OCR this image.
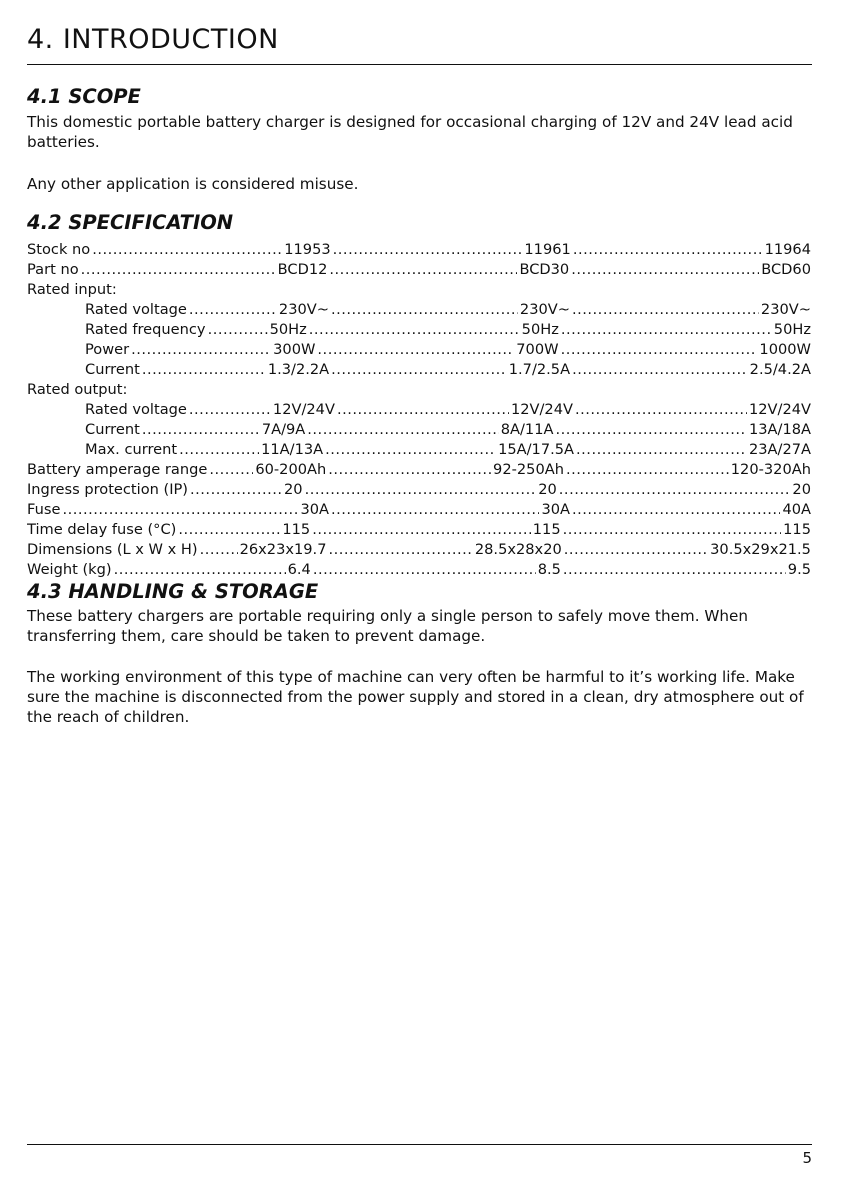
4. INTRODUCTION
4.1 SCOPE

This domestic portable battery charger is designed for occasional charging of 12V and 24V lead acid batteries.

Any other application is considered misuse.

4.2 SPECIFICATION
Stock no .....	11953 .....	11961 .....	11964
Part no .....	BCD12 .....	BCD30 .....	BCD60
Rated input:
Rated voltage .....	230V~ .....	230V~ .....	230V~
Rated frequency .....	50Hz .....	50Hz .....	50Hz
Power .....	300W .....	700W .....	1000W
Current .....	1.3/2.2A .....	1.7/2.5A .....	2.5/4.2A
Rated output:
Rated voltage .....	12V/24V .....	12V/24V .....	12V/24V
Current .....	7A/9A .....	8A/11A .....	13A/18A
Max. current .....	11A/13A .....	15A/17.5A .....	23A/27A
Battery amperage range .....	60-200Ah .....	92-250Ah .....	120-320Ah
Ingress protection (IP) .....	20 .....	20 .....	20
Fuse .....	30A .....	30A .....	40A
Time delay fuse (°C) .....	115 .....	115 .....	115
Dimensions (L x W x H) .....	26x23x19.7 .....	28.5x28x20 .....	30.5x29x21.5
Weight (kg) .....	6.4 .....	8.5 .....	9.5
4.3 HANDLING & STORAGE

These battery chargers are portable requiring only a single person to safely move them. When transferring them, care should be taken to prevent damage.

The working environment of this type of machine can very often be harmful to it’s working life. Make sure the machine is disconnected from the power supply and stored in a clean, dry atmosphere out of the reach of children.

5
